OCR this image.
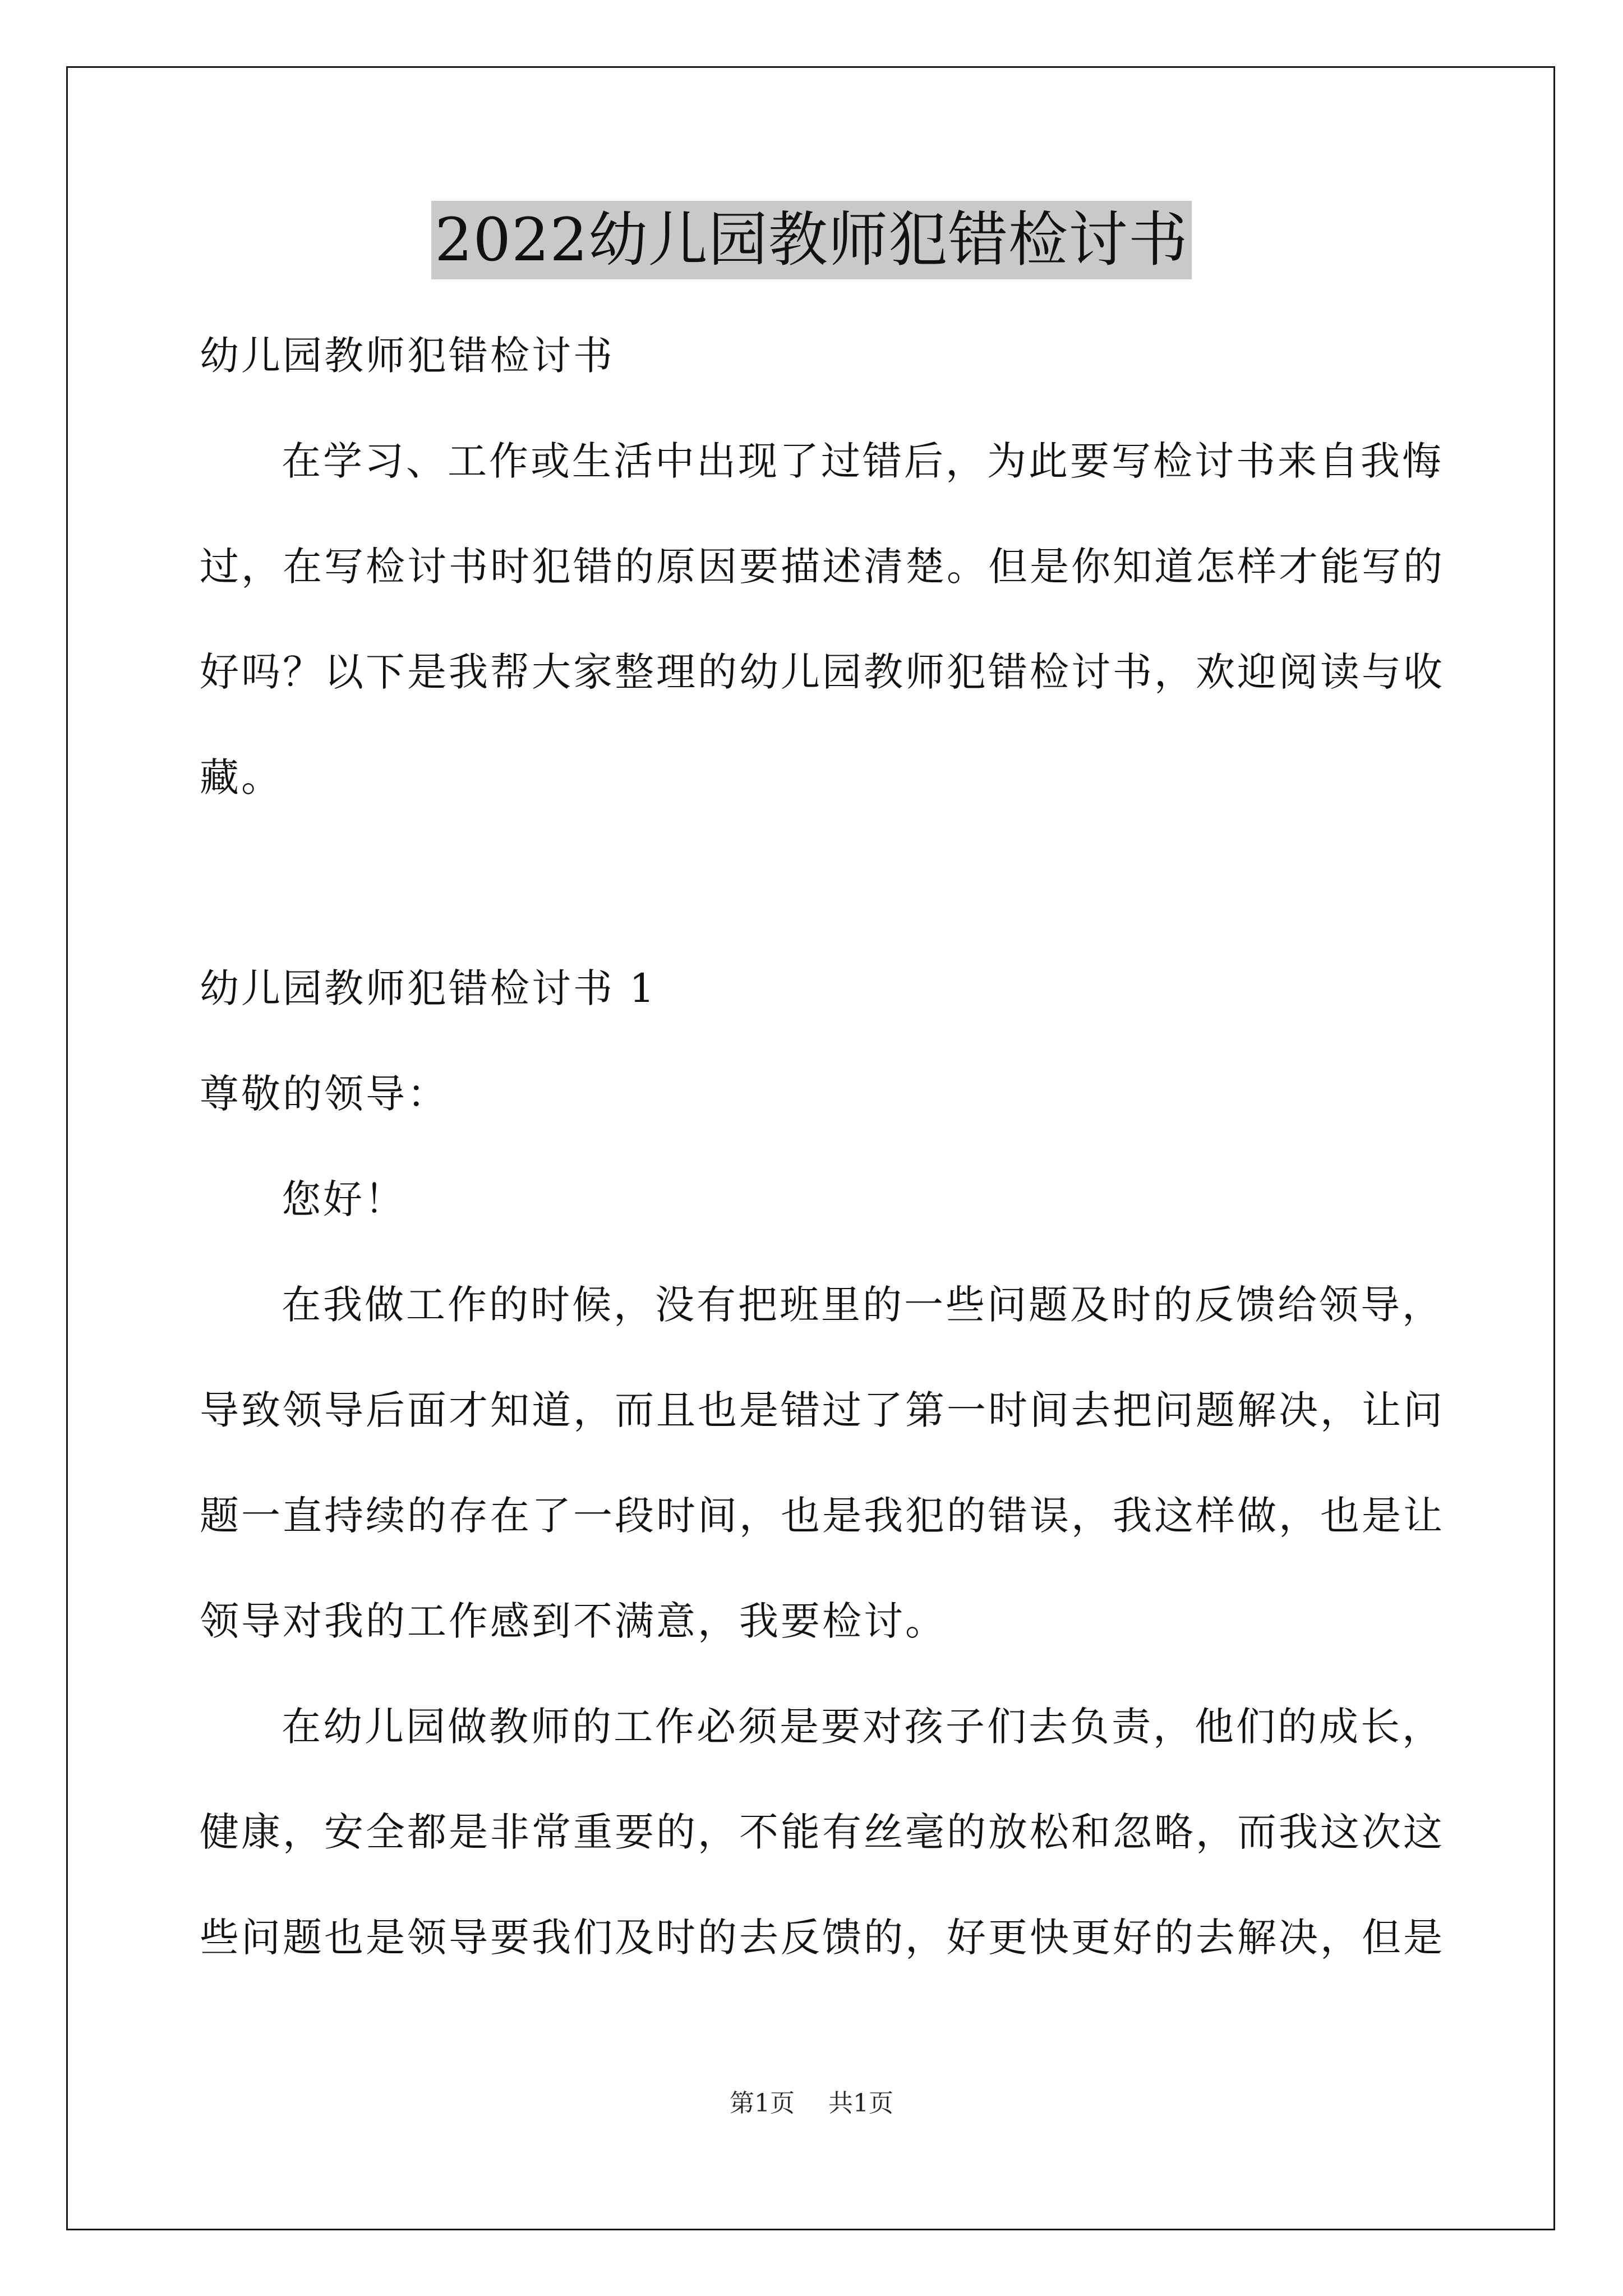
2022幼儿园教师犯错检讨书
幼儿园教师犯错检讨书
在学习、工作或生活中出现了过错后，为此要写检讨书来自我悔
过，在写检讨书时犯错的原因要描述清楚。但是你知道怎样才能写的
好吗？以下是我帮大家整理的幼儿园教师犯错检讨书，欢迎阅读与收
藏。
幼儿园教师犯错检讨书 1
尊敬的领导：
您好！
在我做工作的时候，没有把班里的一些问题及时的反馈给领导，
导致领导后面才知道，而且也是错过了第一时间去把问题解决，让问
题一直持续的存在了一段时间，也是我犯的错误，我这样做，也是让
领导对我的工作感到不满意，我要检讨。
在幼儿园做教师的工作必须是要对孩子们去负责，他们的成长，
健康，安全都是非常重要的，不能有丝毫的放松和忽略，而我这次这
些问题也是领导要我们及时的去反馈的，好更快更好的去解决，但是
第1页 共1页
